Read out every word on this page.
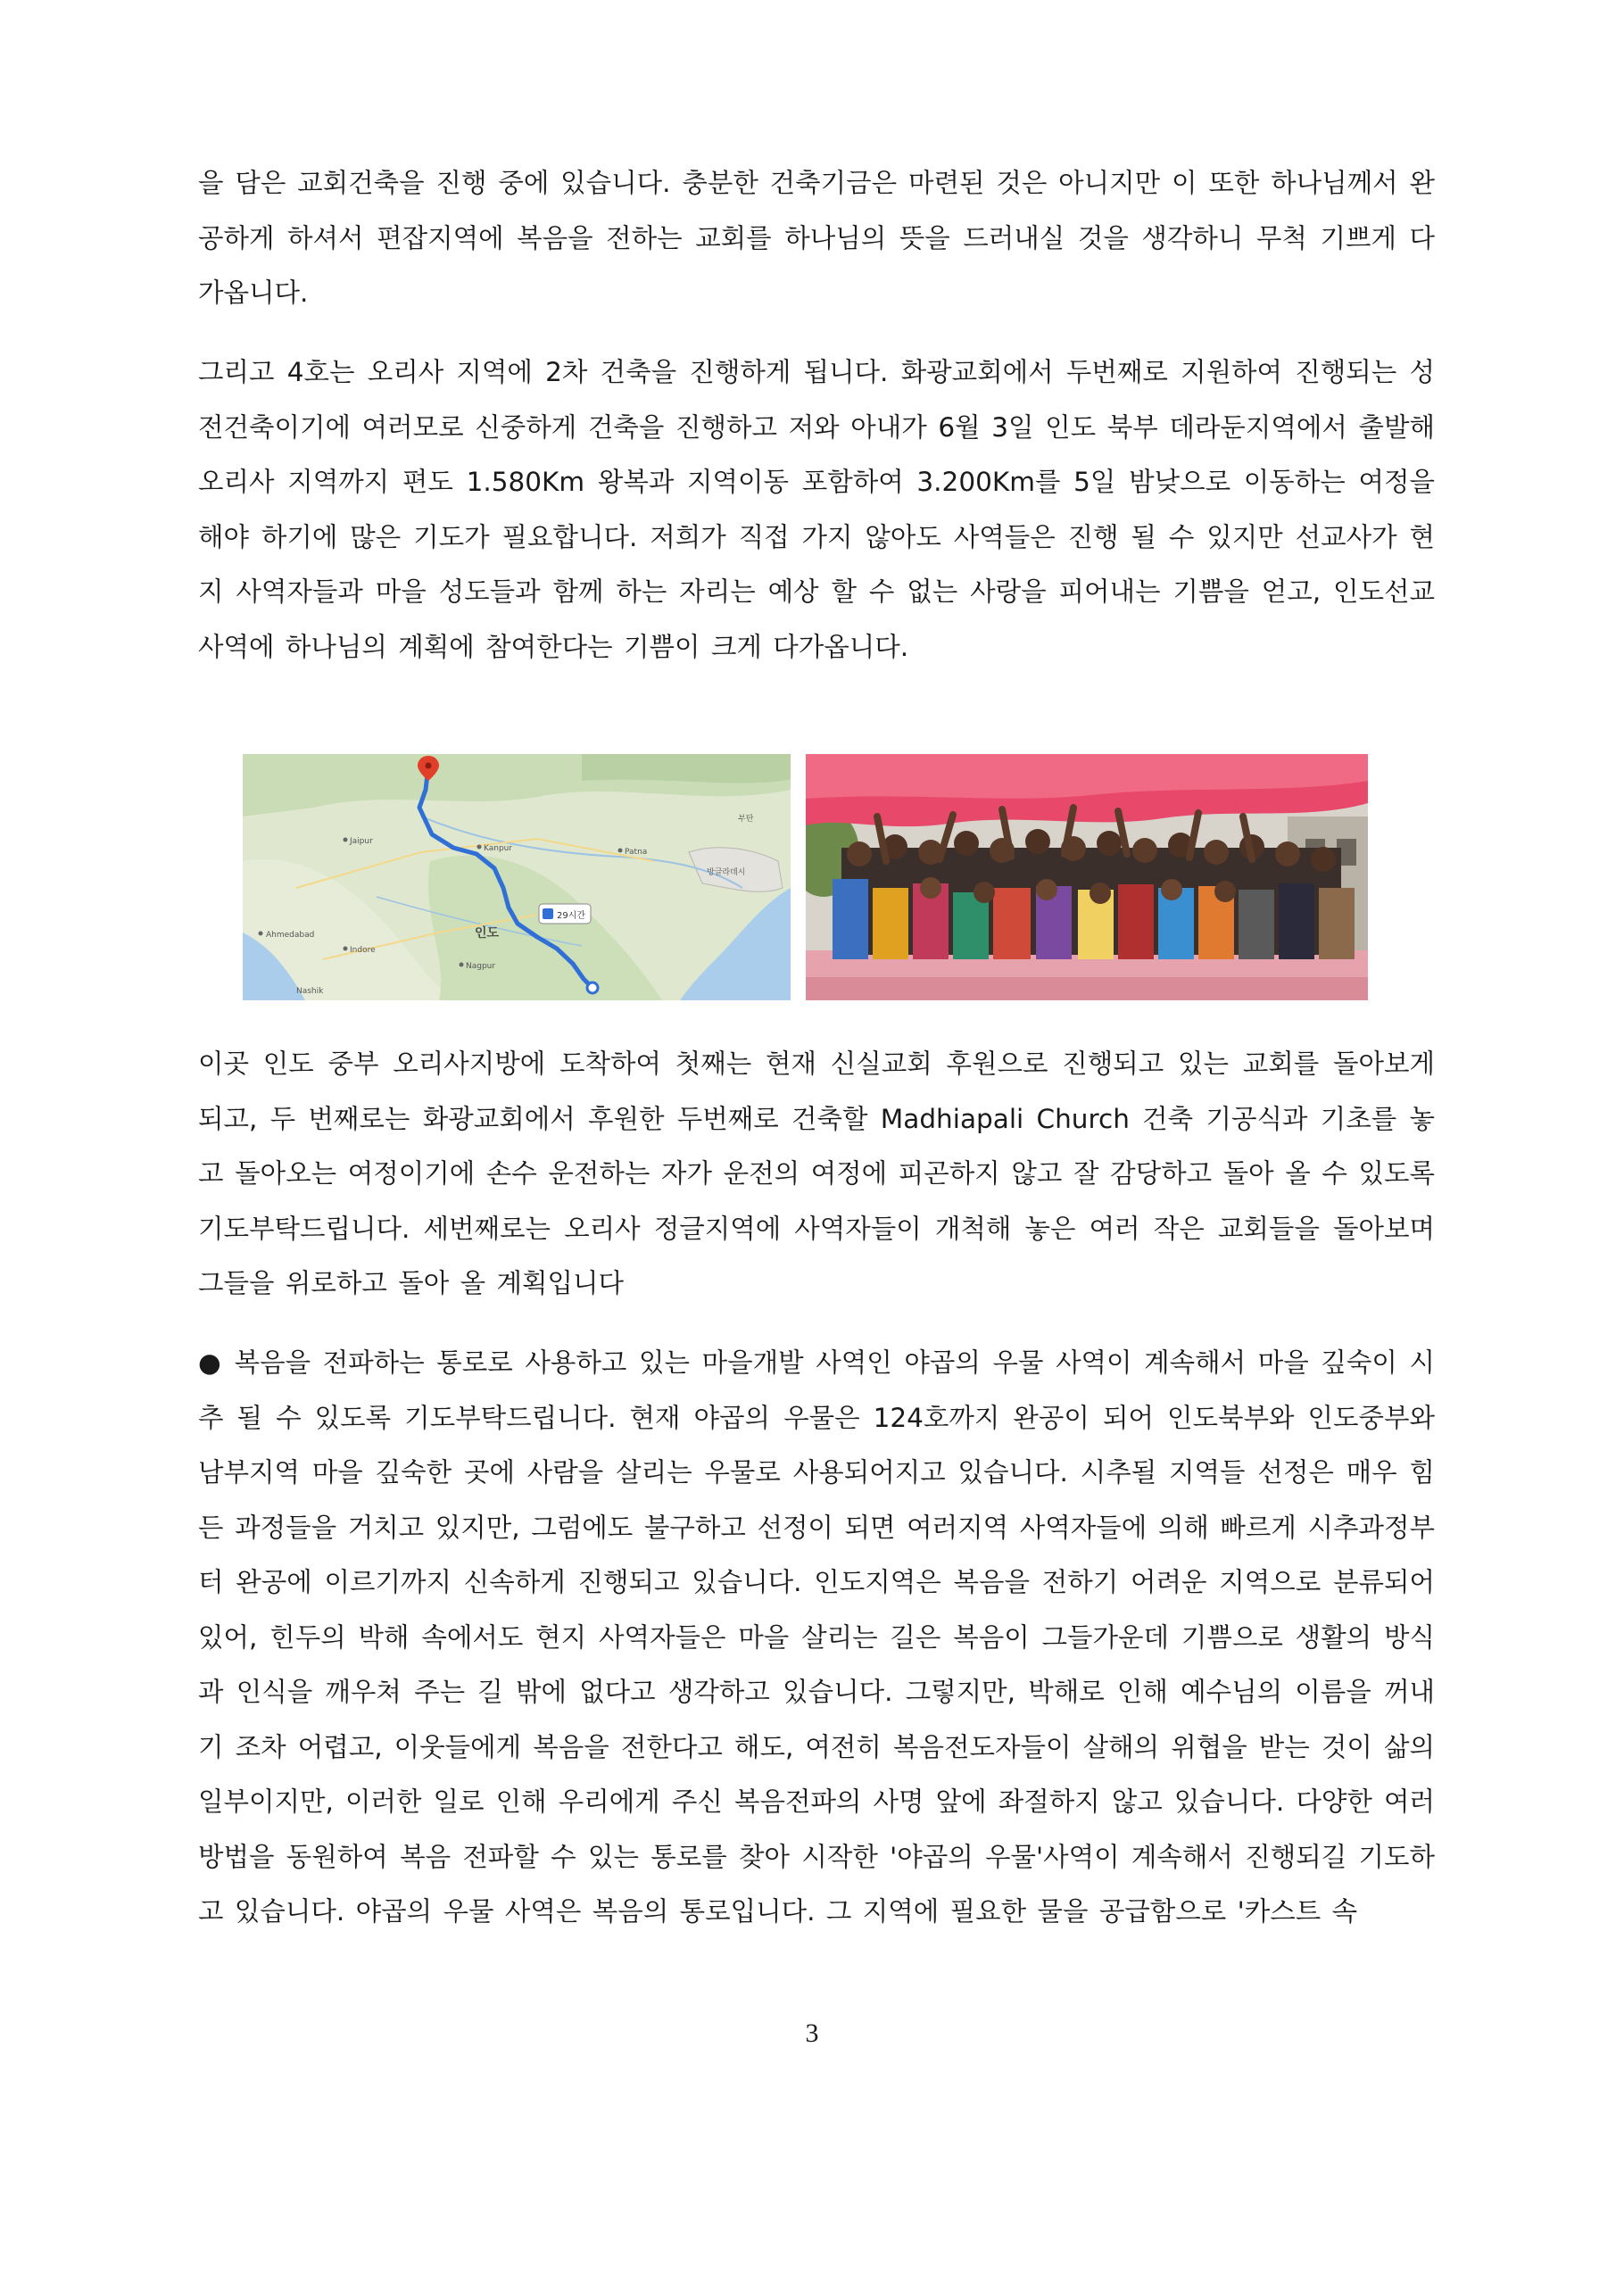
을 담은 교회건축을 진행 중에 있습니다. 충분한 건축기금은 마련된 것은 아니지만 이 또한 하나님께서 완공하게 하셔서 편잡지역에 복음을 전하는 교회를 하나님의 뜻을 드러내실 것을 생각하니 무척 기쁘게 다가옵니다.

그리고 4호는 오리사 지역에 2차 건축을 진행하게 됩니다. 화광교회에서 두번째로 지원하여 진행되는 성전건축이기에 여러모로 신중하게 건축을 진행하고 저와 아내가 6월 3일 인도 북부 데라둔지역에서 출발해 오리사 지역까지 편도 1.580Km 왕복과 지역이동 포함하여 3.200Km를 5일 밤낮으로 이동하는 여정을 해야 하기에 많은 기도가 필요합니다. 저희가 직접 가지 않아도 사역들은 진행 될 수 있지만 선교사가 현지 사역자들과 마을 성도들과 함께 하는 자리는 예상 할 수 없는 사랑을 피어내는 기쁨을 얻고, 인도선교사역에 하나님의 계획에 참여한다는 기쁨이 크게 다가옵니다.

29시간
인도
Jaipur
Kanpur	Patna
Nagpur
Ahmedabad
Indore
방글라데시
부탄
Nashik

이곳 인도 중부 오리사지방에 도착하여 첫째는 현재 신실교회 후원으로 진행되고 있는 교회를 돌아보게 되고, 두 번째로는 화광교회에서 후원한 두번째로 건축할 Madhiapali Church 건축 기공식과 기초를 놓고 돌아오는 여정이기에 손수 운전하는 자가 운전의 여정에 피곤하지 않고 잘 감당하고 돌아 올 수 있도록 기도부탁드립니다. 세번째로는 오리사 정글지역에 사역자들이 개척해 놓은 여러 작은 교회들을 돌아보며 그들을 위로하고 돌아 올 계획입니다

● 복음을 전파하는 통로로 사용하고 있는 마을개발 사역인 야곱의 우물 사역이 계속해서 마을 깊숙이 시추 될 수 있도록 기도부탁드립니다. 현재 야곱의 우물은 124호까지 완공이 되어 인도북부와 인도중부와 남부지역 마을 깊숙한 곳에 사람을 살리는 우물로 사용되어지고 있습니다. 시추될 지역들 선정은 매우 힘든 과정들을 거치고 있지만, 그럼에도 불구하고 선정이 되면 여러지역 사역자들에 의해 빠르게 시추과정부터 완공에 이르기까지 신속하게 진행되고 있습니다. 인도지역은 복음을 전하기 어려운 지역으로 분류되어 있어, 힌두의 박해 속에서도 현지 사역자들은 마을 살리는 길은 복음이 그들가운데 기쁨으로 생활의 방식과 인식을 깨우쳐 주는 길 밖에 없다고 생각하고 있습니다. 그렇지만, 박해로 인해 예수님의 이름을 꺼내기 조차 어렵고, 이웃들에게 복음을 전한다고 해도, 여전히 복음전도자들이 살해의 위협을 받는 것이 삶의 일부이지만, 이러한 일로 인해 우리에게 주신 복음전파의 사명 앞에 좌절하지 않고 있습니다. 다양한 여러 방법을 동원하여 복음 전파할 수 있는 통로를 찾아 시작한 '야곱의 우물'사역이 계속해서 진행되길 기도하고 있습니다. 야곱의 우물 사역은 복음의 통로입니다. 그 지역에 필요한 물을 공급함으로 '카스트 속

3
